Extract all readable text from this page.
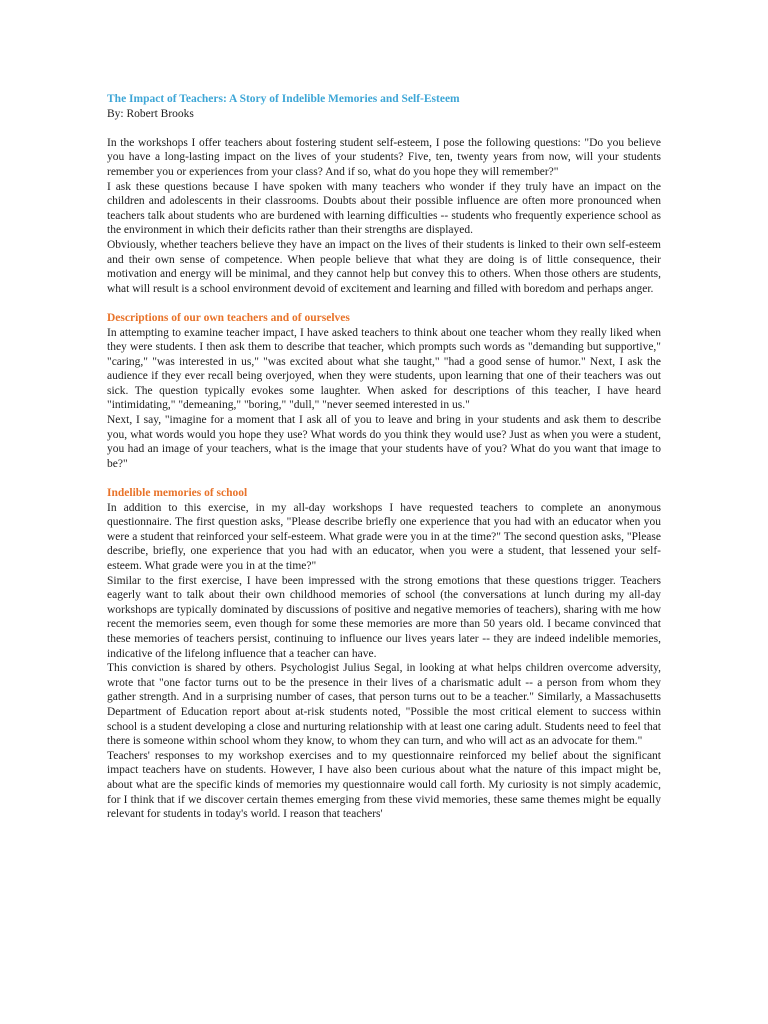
The Impact of Teachers: A Story of Indelible Memories and Self-Esteem

By: Robert Brooks

In the workshops I offer teachers about fostering student self-esteem, I pose the following questions: "Do you believe you have a long-lasting impact on the lives of your students? Five, ten, twenty years from now, will your students remember you or experiences from your class? And if so, what do you hope they will remember?"

I ask these questions because I have spoken with many teachers who wonder if they truly have an impact on the children and adolescents in their classrooms. Doubts about their possible influence are often more pronounced when teachers talk about students who are burdened with learning difficulties -- students who frequently experience school as the environment in which their deficits rather than their strengths are displayed.

Obviously, whether teachers believe they have an impact on the lives of their students is linked to their own self-esteem and their own sense of competence. When people believe that what they are doing is of little consequence, their motivation and energy will be minimal, and they cannot help but convey this to others. When those others are students, what will result is a school environment devoid of excitement and learning and filled with boredom and perhaps anger.

Descriptions of our own teachers and of ourselves

In attempting to examine teacher impact, I have asked teachers to think about one teacher whom they really liked when they were students. I then ask them to describe that teacher, which prompts such words as "demanding but supportive," "caring," "was interested in us," "was excited about what she taught," "had a good sense of humor." Next, I ask the audience if they ever recall being overjoyed, when they were students, upon learning that one of their teachers was out sick. The question typically evokes some laughter. When asked for descriptions of this teacher, I have heard "intimidating," "demeaning," "boring," "dull," "never seemed interested in us."

Next, I say, "imagine for a moment that I ask all of you to leave and bring in your students and ask them to describe you, what words would you hope they use? What words do you think they would use? Just as when you were a student, you had an image of your teachers, what is the image that your students have of you? What do you want that image to be?"

Indelible memories of school

In addition to this exercise, in my all-day workshops I have requested teachers to complete an anonymous questionnaire. The first question asks, "Please describe briefly one experience that you had with an educator when you were a student that reinforced your self-esteem. What grade were you in at the time?" The second question asks, "Please describe, briefly, one experience that you had with an educator, when you were a student, that lessened your self-esteem. What grade were you in at the time?"

Similar to the first exercise, I have been impressed with the strong emotions that these questions trigger. Teachers eagerly want to talk about their own childhood memories of school (the conversations at lunch during my all-day workshops are typically dominated by discussions of positive and negative memories of teachers), sharing with me how recent the memories seem, even though for some these memories are more than 50 years old. I became convinced that these memories of teachers persist, continuing to influence our lives years later -- they are indeed indelible memories, indicative of the lifelong influence that a teacher can have.

This conviction is shared by others. Psychologist Julius Segal, in looking at what helps children overcome adversity, wrote that "one factor turns out to be the presence in their lives of a charismatic adult -- a person from whom they gather strength. And in a surprising number of cases, that person turns out to be a teacher." Similarly, a Massachusetts Department of Education report about at-risk students noted, "Possible the most critical element to success within school is a student developing a close and nurturing relationship with at least one caring adult. Students need to feel that there is someone within school whom they know, to whom they can turn, and who will act as an advocate for them."

Teachers' responses to my workshop exercises and to my questionnaire reinforced my belief about the significant impact teachers have on students. However, I have also been curious about what the nature of this impact might be, about what are the specific kinds of memories my questionnaire would call forth. My curiosity is not simply academic, for I think that if we discover certain themes emerging from these vivid memories, these same themes might be equally relevant for students in today's world. I reason that teachers'
